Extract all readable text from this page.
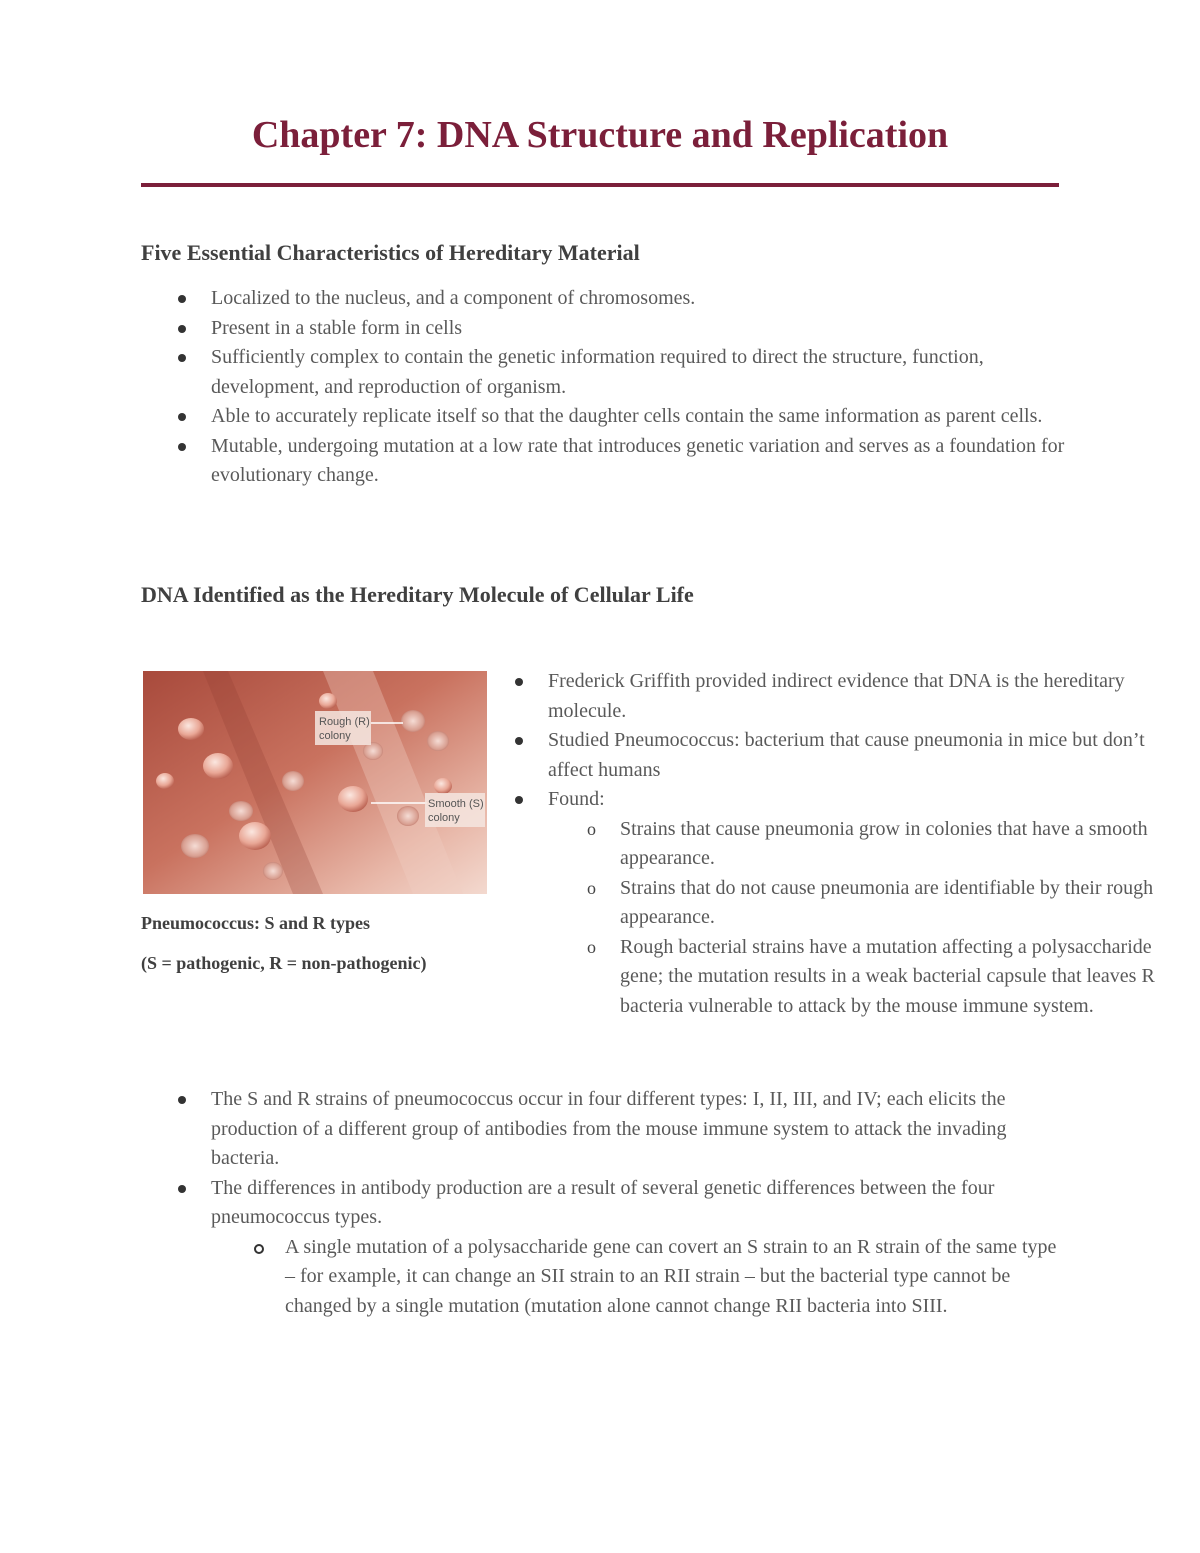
Chapter 7: DNA Structure and Replication
Five Essential Characteristics of Hereditary Material
Localized to the nucleus, and a component of chromosomes.
Present in a stable form in cells
Sufficiently complex to contain the genetic information required to direct the structure, function, development, and reproduction of organism.
Able to accurately replicate itself so that the daughter cells contain the same information as parent cells.
Mutable, undergoing mutation at a low rate that introduces genetic variation and serves as a foundation for evolutionary change.
DNA Identified as the Hereditary Molecule of Cellular Life
Rough (R)
colony
Smooth (S)
colony

Pneumococcus: S and R types

(S = pathogenic, R = non-pathogenic)

Frederick Griffith provided indirect evidence that DNA is the hereditary molecule.
Studied Pneumococcus: bacterium that cause pneumonia in mice but don’t affect humans
Found:
o Strains that cause pneumonia grow in colonies that have a smooth appearance.
o Strains that do not cause pneumonia are identifiable by their rough appearance.
o Rough bacterial strains have a mutation affecting a polysaccharide gene; the mutation results in a weak bacterial capsule that leaves R bacteria vulnerable to attack by the mouse immune system.
The S and R strains of pneumococcus occur in four different types: I, II, III, and IV; each elicits the production of a different group of antibodies from the mouse immune system to attack the invading bacteria.
The differences in antibody production are a result of several genetic differences between the four pneumococcus types.
A single mutation of a polysaccharide gene can covert an S strain to an R strain of the same type – for example, it can change an SII strain to an RII strain – but the bacterial type cannot be changed by a single mutation (mutation alone cannot change RII bacteria into SIII.
